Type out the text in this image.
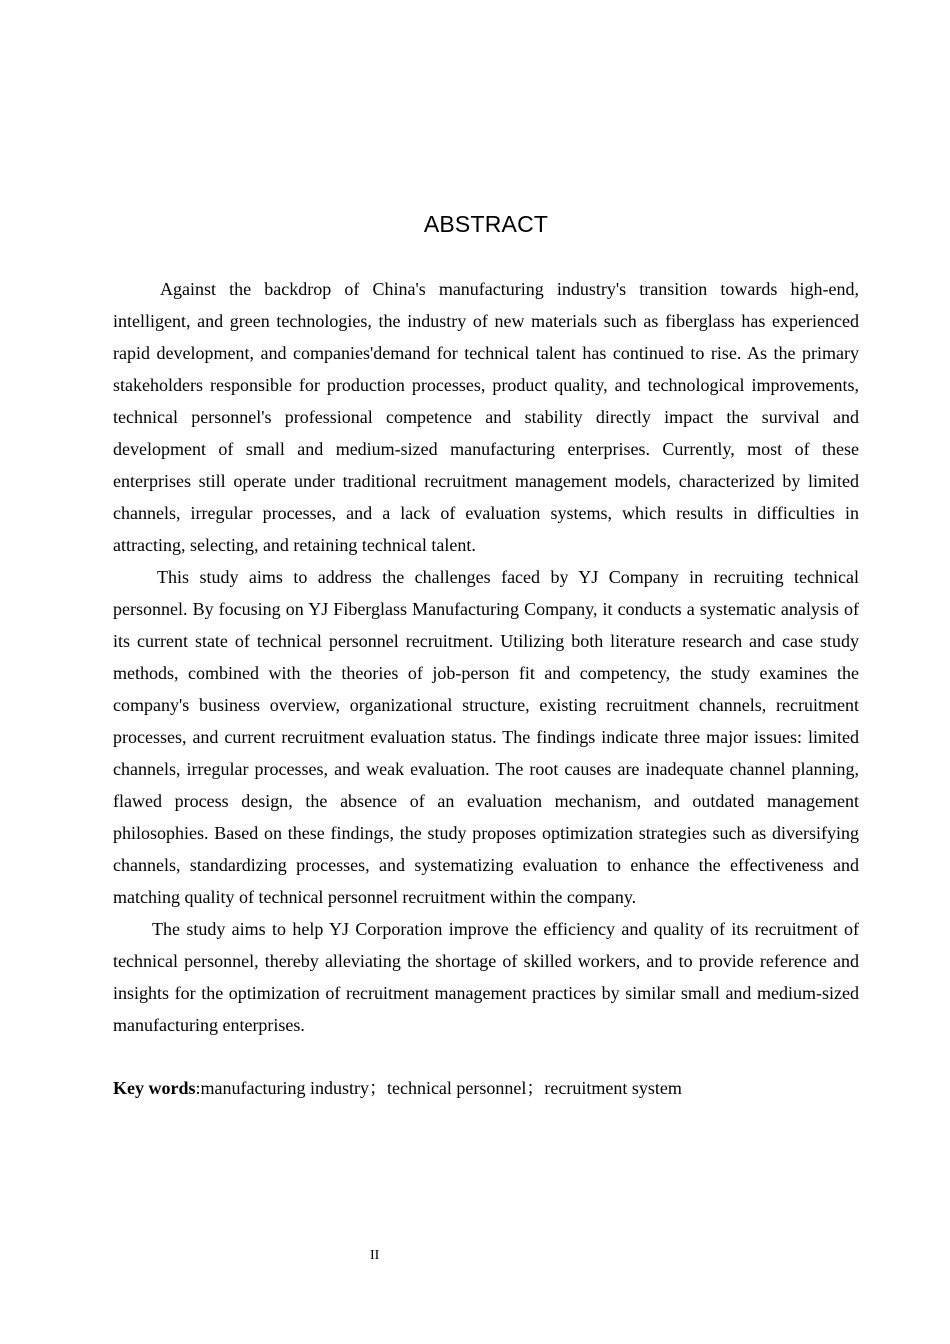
ABSTRACT

Against the backdrop of China's manufacturing industry's transition towards high-end, intelligent, and green technologies, the industry of new materials such as fiberglass has experienced rapid development, and companies'demand for technical talent has continued to rise. As the primary stakeholders responsible for production processes, product quality, and technological improvements, technical personnel's professional competence and stability directly impact the survival and development of small and medium-sized manufacturing enterprises. Currently, most of these enterprises still operate under traditional recruitment management models, characterized by limited channels, irregular processes, and a lack of evaluation systems, which results in difficulties in attracting, selecting, and retaining technical talent.

This study aims to address the challenges faced by YJ Company in recruiting technical personnel. By focusing on YJ Fiberglass Manufacturing Company, it conducts a systematic analysis of its current state of technical personnel recruitment. Utilizing both literature research and case study methods, combined with the theories of job-person fit and competency, the study examines the company's business overview, organizational structure, existing recruitment channels, recruitment processes, and current recruitment evaluation status. The findings indicate three major issues: limited channels, irregular processes, and weak evaluation. The root causes are inadequate channel planning, flawed process design, the absence of an evaluation mechanism, and outdated management philosophies. Based on these findings, the study proposes optimization strategies such as diversifying channels, standardizing processes, and systematizing evaluation to enhance the effectiveness and matching quality of technical personnel recruitment within the company.

The study aims to help YJ Corporation improve the efficiency and quality of its recruitment of technical personnel, thereby alleviating the shortage of skilled workers, and to provide reference and insights for the optimization of recruitment management practices by similar small and medium-sized manufacturing enterprises.

Key words:manufacturing industry；technical personnel；recruitment system

II
